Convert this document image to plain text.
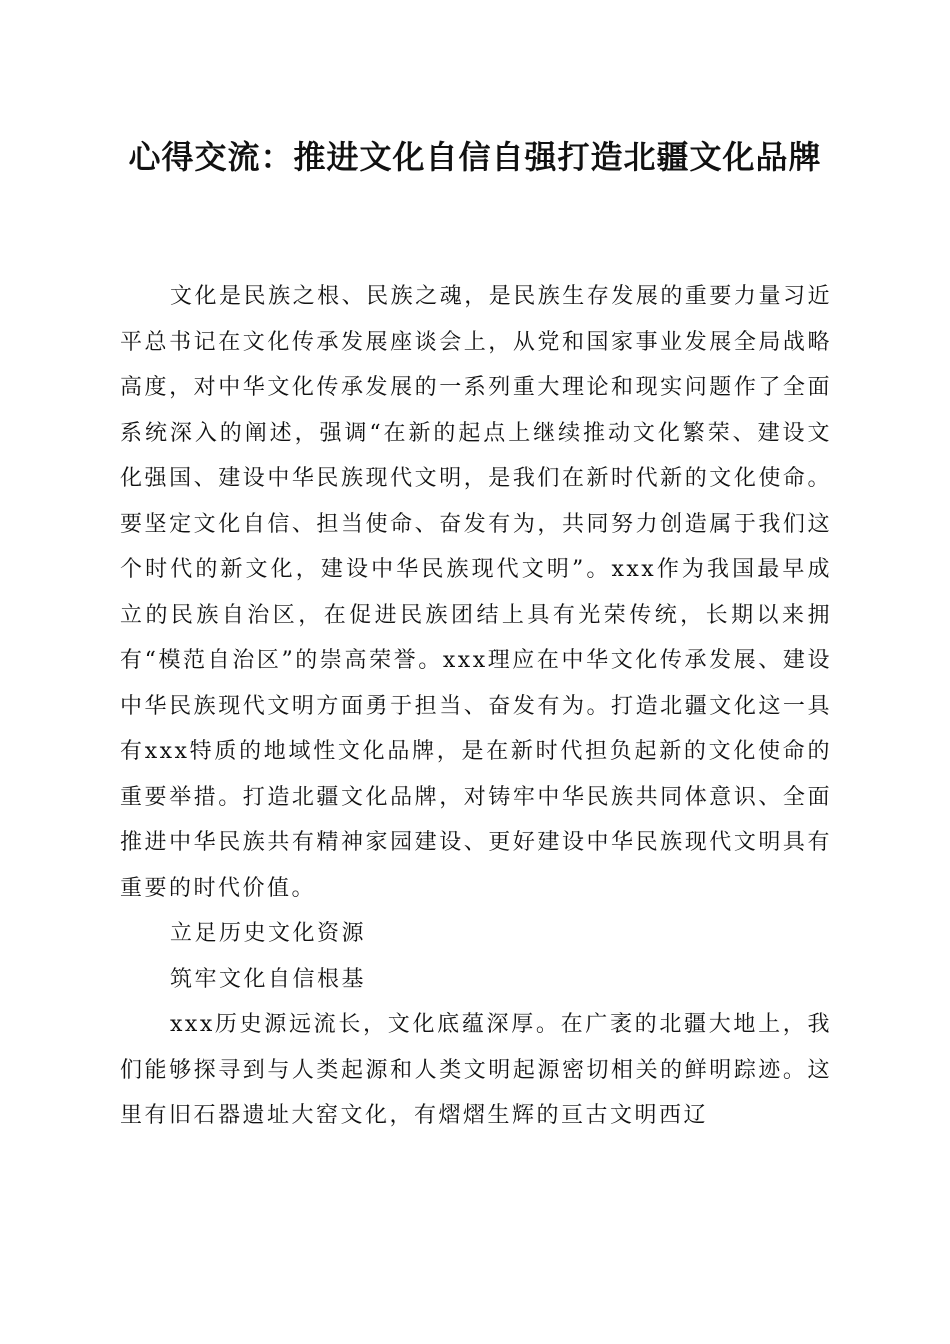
心得交流：推进文化自信自强打造北疆文化品牌

文化是民族之根、民族之魂，是民族生存发展的重要力量习近平总书记在文化传承发展座谈会上，从党和国家事业发展全局战略高度，对中华文化传承发展的一系列重大理论和现实问题作了全面系统深入的阐述，强调“在新的起点上继续推动文化繁荣、建设文化强国、建设中华民族现代文明，是我们在新时代新的文化使命。要坚定文化自信、担当使命、奋发有为，共同努力创造属于我们这个时代的新文化，建设中华民族现代文明”。xxx作为我国最早成立的民族自治区，在促进民族团结上具有光荣传统，长期以来拥有“模范自治区”的崇高荣誉。xxx理应在中华文化传承发展、建设中华民族现代文明方面勇于担当、奋发有为。打造北疆文化这一具有xxx特质的地域性文化品牌，是在新时代担负起新的文化使命的重要举措。打造北疆文化品牌，对铸牢中华民族共同体意识、全面推进中华民族共有精神家园建设、更好建设中华民族现代文明具有重要的时代价值。

立足历史文化资源

筑牢文化自信根基

xxx历史源远流长，文化底蕴深厚。在广袤的北疆大地上，我们能够探寻到与人类起源和人类文明起源密切相关的鲜明踪迹。这里有旧石器遗址大窑文化，有熠熠生辉的亘古文明西辽
